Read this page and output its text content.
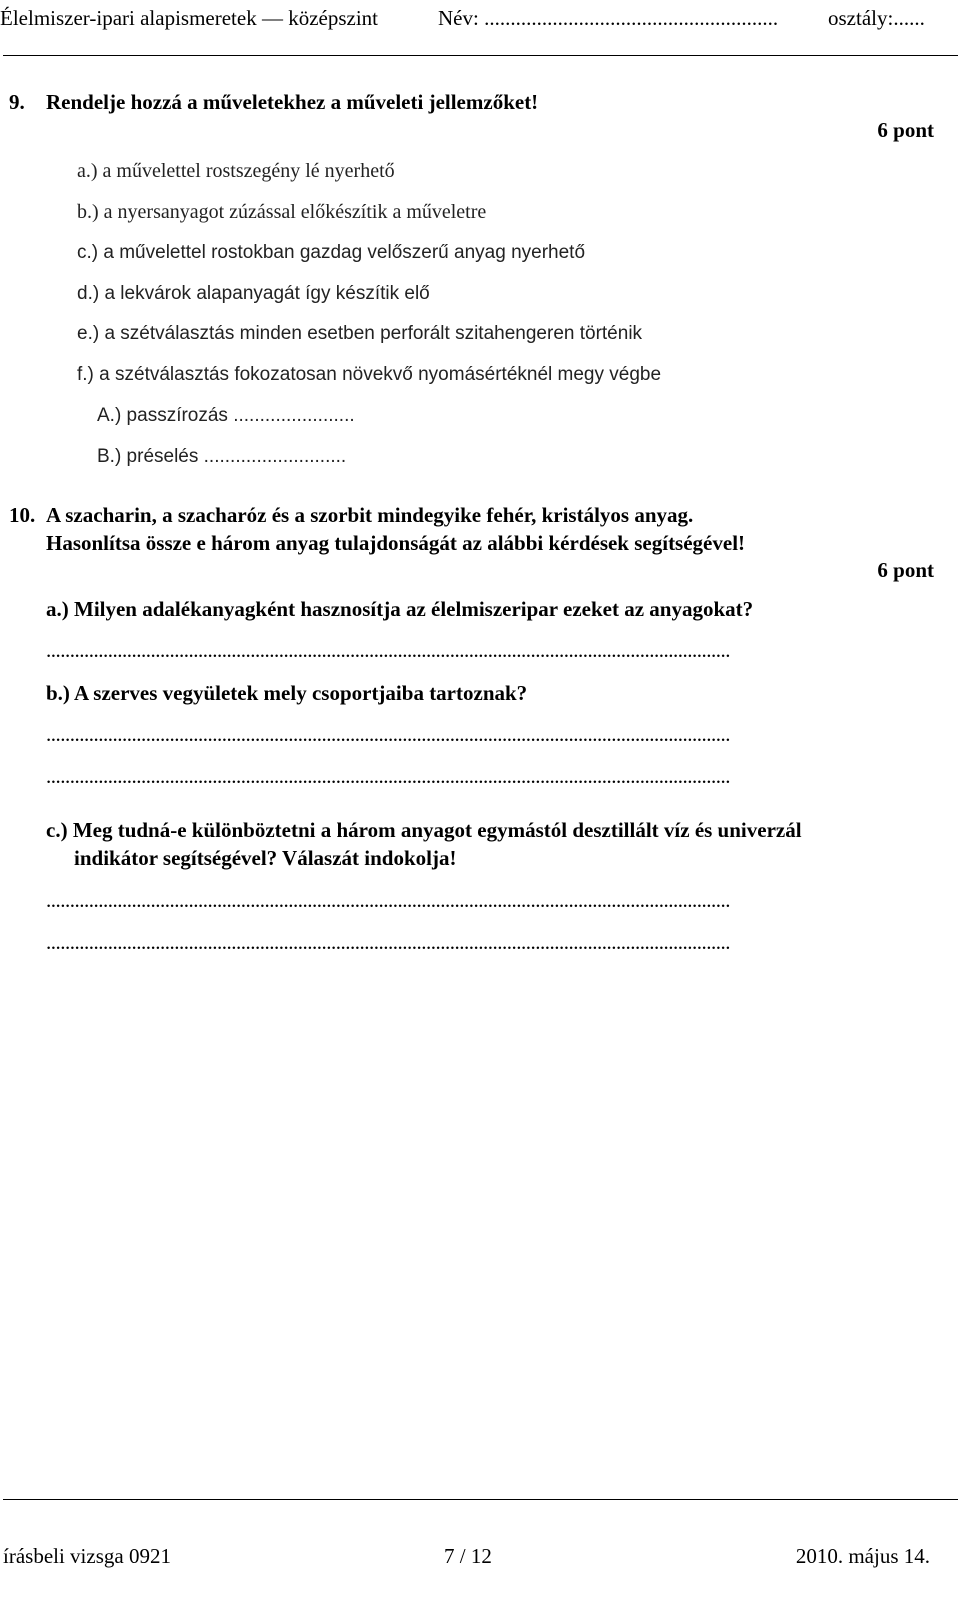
Élelmiszer-ipari alapismeretek — középszint	Név: ........................................................ osztály:......
9. Rendelje hozzá a műveletekhez a műveleti jellemzőket!
6 pont
a.) a művelettel rostszegény lé nyerhető
b.) a nyersanyagot zúzással előkészítik a műveletre
c.) a művelettel rostokban gazdag velőszerű anyag nyerhető
d.) a lekvárok alapanyagát így készítik elő
e.) a szétválasztás minden esetben perforált szitahengeren történik
f.) a szétválasztás fokozatosan növekvő nyomásértéknél megy végbe
A.) passzírozás .......................
B.) préselés ...........................
10. A szacharin, a szacharóz és a szorbit mindegyike fehér, kristályos anyag.
Hasonlítsa össze e három anyag tulajdonságát az alábbi kérdések segítségével!
6 pont
a.) Milyen adalékanyagként hasznosítja az élelmiszeripar ezeket az anyagokat?
................................................................................................................................................
b.) A szerves vegyületek mely csoportjaiba tartoznak?
................................................................................................................................................
................................................................................................................................................
c.) Meg tudná-e különböztetni a három anyagot egymástól desztillált víz és univerzál
indikátor segítségével? Válaszát indokolja!
................................................................................................................................................
................................................................................................................................................
írásbeli vizsga 0921	7 / 12	2010. május 14.
